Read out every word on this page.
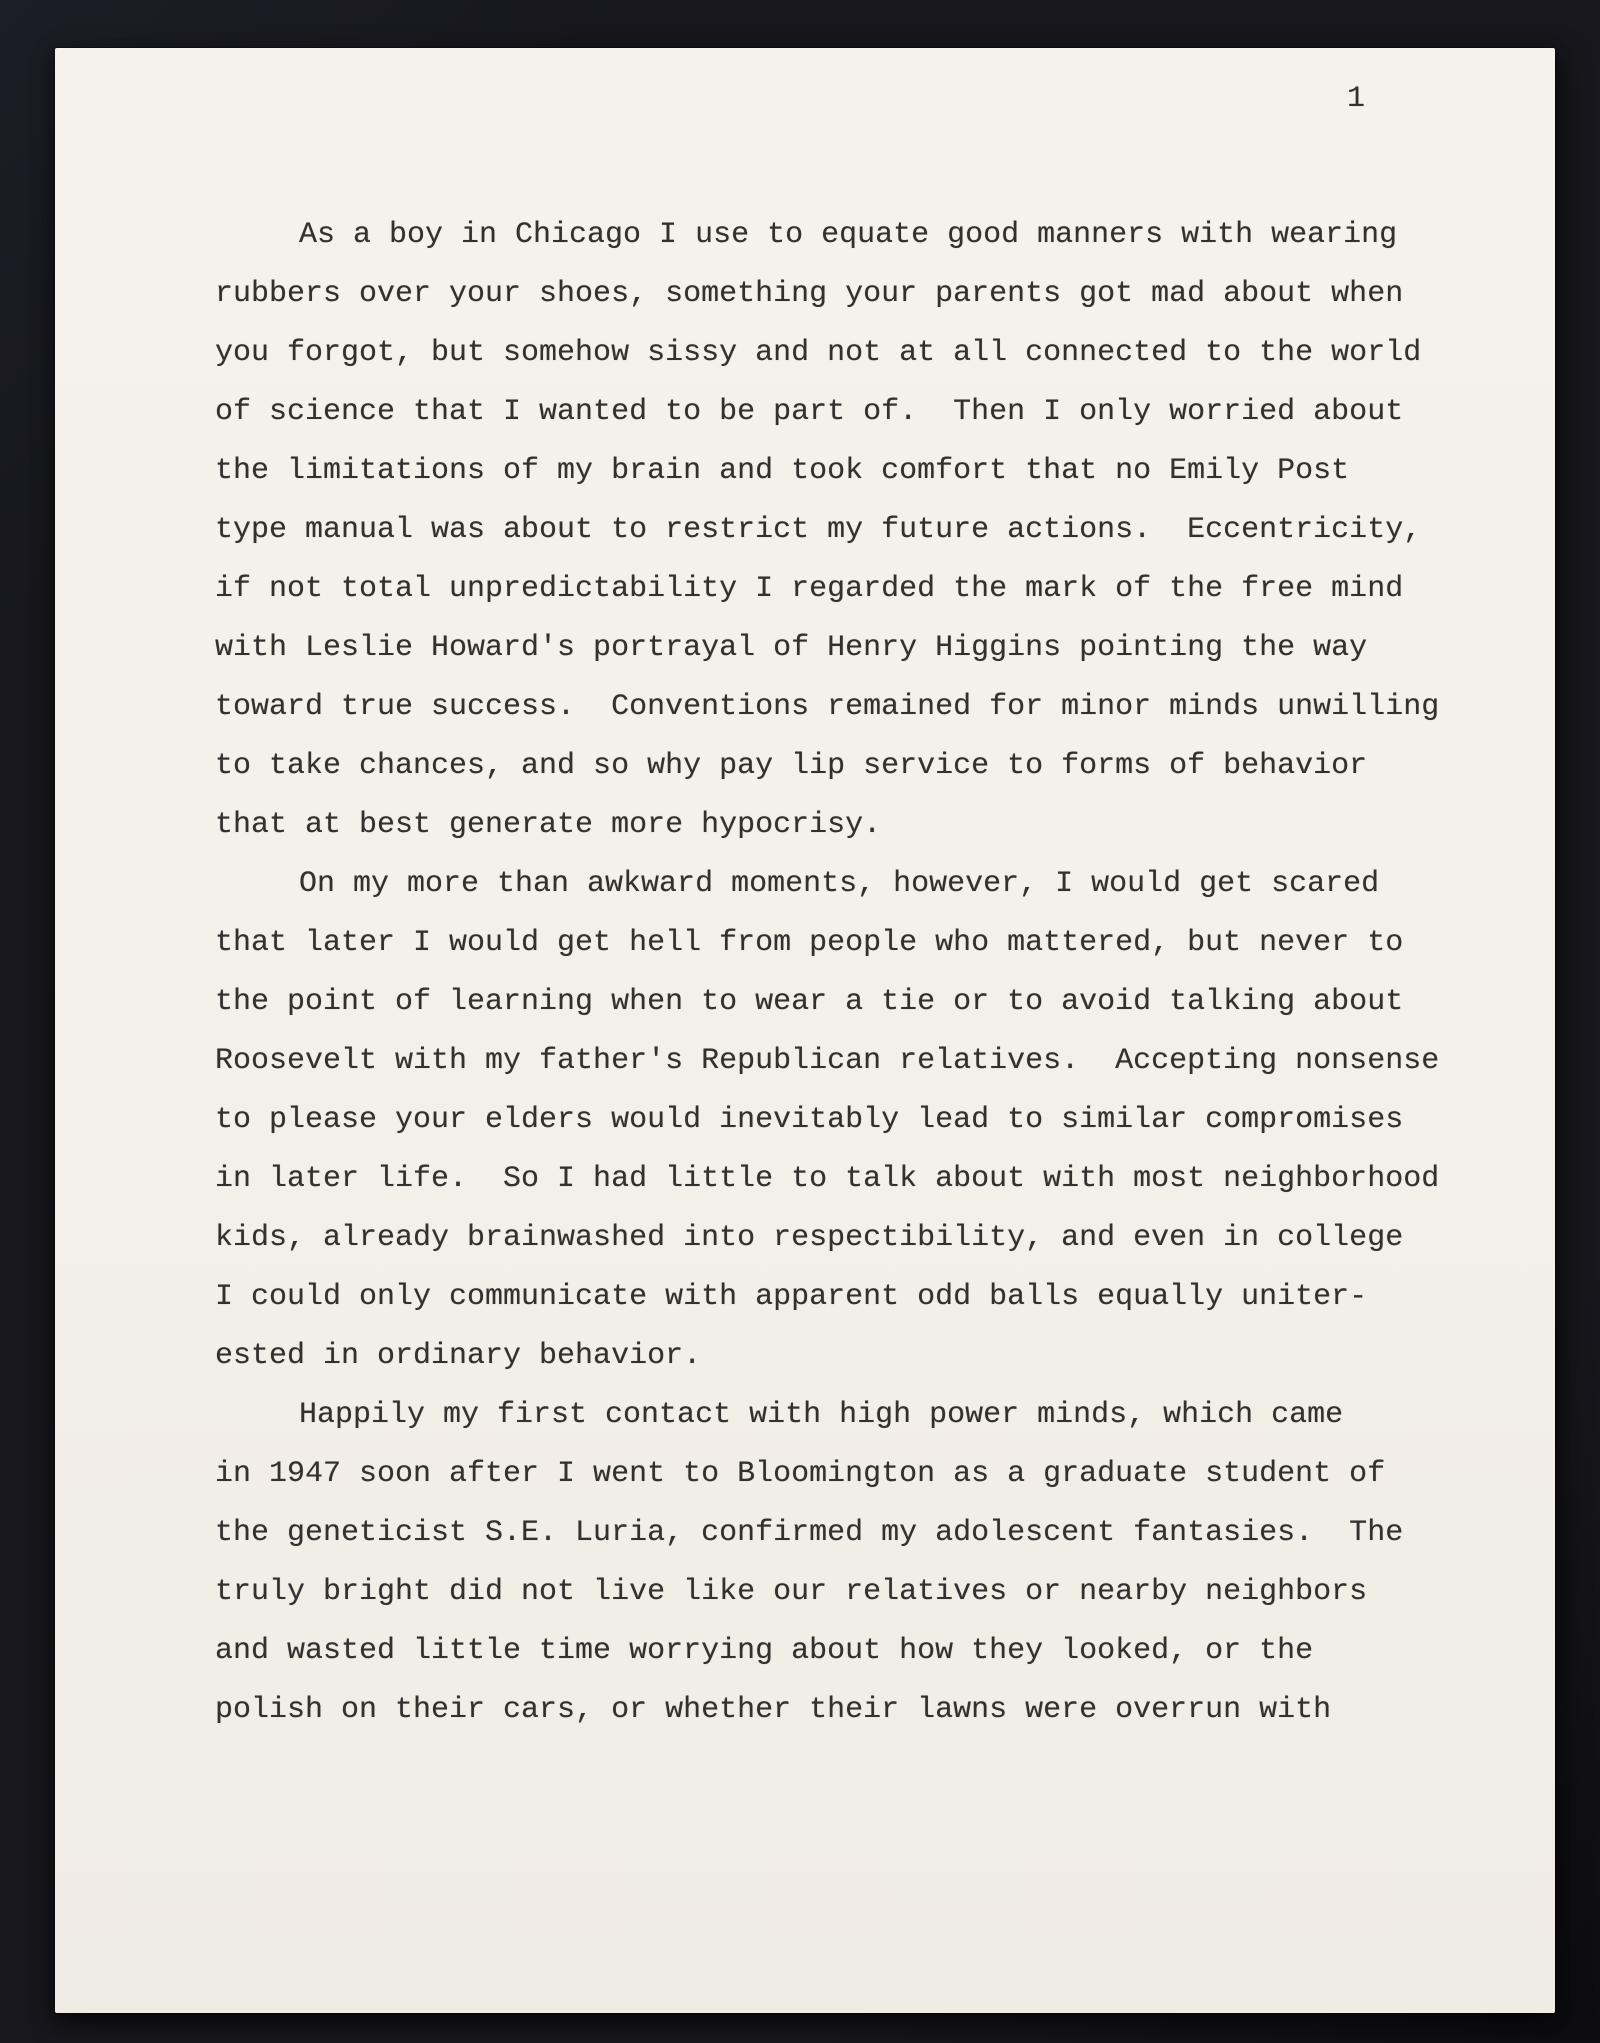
1
As a boy in Chicago I use to equate good manners with wearing
rubbers over your shoes, something your parents got mad about when
you forgot, but somehow sissy and not at all connected to the world
of science that I wanted to be part of.  Then I only worried about
the limitations of my brain and took comfort that no Emily Post
type manual was about to restrict my future actions.  Eccentricity,
if not total unpredictability I regarded the mark of the free mind
with Leslie Howard's portrayal of Henry Higgins pointing the way
toward true success.  Conventions remained for minor minds unwilling
to take chances, and so why pay lip service to forms of behavior
that at best generate more hypocrisy.
On my more than awkward moments, however, I would get scared
that later I would get hell from people who mattered, but never to
the point of learning when to wear a tie or to avoid talking about
Roosevelt with my father's Republican relatives.  Accepting nonsense
to please your elders would inevitably lead to similar compromises
in later life.  So I had little to talk about with most neighborhood
kids, already brainwashed into respectibility, and even in college
I could only communicate with apparent odd balls equally uniter-
ested in ordinary behavior.
Happily my first contact with high power minds, which came
in 1947 soon after I went to Bloomington as a graduate student of
the geneticist S.E. Luria, confirmed my adolescent fantasies.  The
truly bright did not live like our relatives or nearby neighbors
and wasted little time worrying about how they looked, or the
polish on their cars, or whether their lawns were overrun with
